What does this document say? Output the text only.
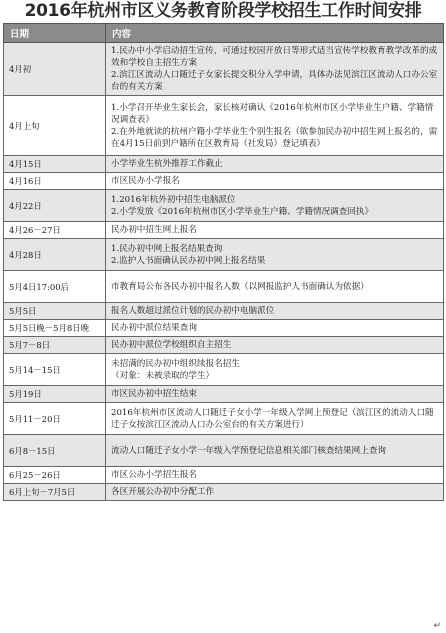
2016年杭州市区义务教育阶段学校招生工作时间安排
日期	内容
4月初	1.民办中小学启动招生宣传，可通过校园开放日等形式适当宣传学校教育教学改革的成效和学校自主招生方案
2.滨江区流动人口随迁子女家长提交积分入学申请，具体办法见滨江区流动人口办公室台的有关方案

4月上旬	1.小学召开毕业生家长会，家长核对确认《2016年杭州市区小学毕业生户籍、学籍情况调查表》
2.在外地就读的杭州户籍小学毕业生个别生报名（欲参加民办初中招生网上报名的，需在4月15日前到户籍所在区教育局（社发局）登记填表）

4月15日	小学毕业生杭外推荐工作截止

4月16日	市区民办小学报名

4月22日	1.2016年杭外初中招生电脑派位
2.小学发放《2016年杭州市区小学毕业生户籍、学籍情况调查回执》

4月26－27日	民办初中招生网上报名

4月28日	1.民办初中网上报名结果查询
2.监护人书面确认民办初中网上报名结果

5月4日17:00后	市教育局公布各民办初中报名人数（以网报监护人书面确认为依据）

5月5日	报名人数超过派位计划的民办初中电脑派位

5月5日晚－5月8日晚	民办初中派位结果查询

5月7－8日	民办初中派位学校组织自主招生

5月14－15日	未招满的民办初中组织续报名招生
（对象：未被录取的学生）

5月19日	市区民办初中招生结束

5月11－20日	2016年杭州市区流动人口随迁子女小学一年级入学网上预登记（滨江区的流动人口随迁子女按滨江区流动人口办公室台的有关方案进行）

6月8－15日	流动人口随迁子女小学一年级入学预登记信息相关部门核查结果网上查询

6月25－26日	市区公办小学招生报名

6月上旬－7月5日	各区开展公办初中分配工作
↵
